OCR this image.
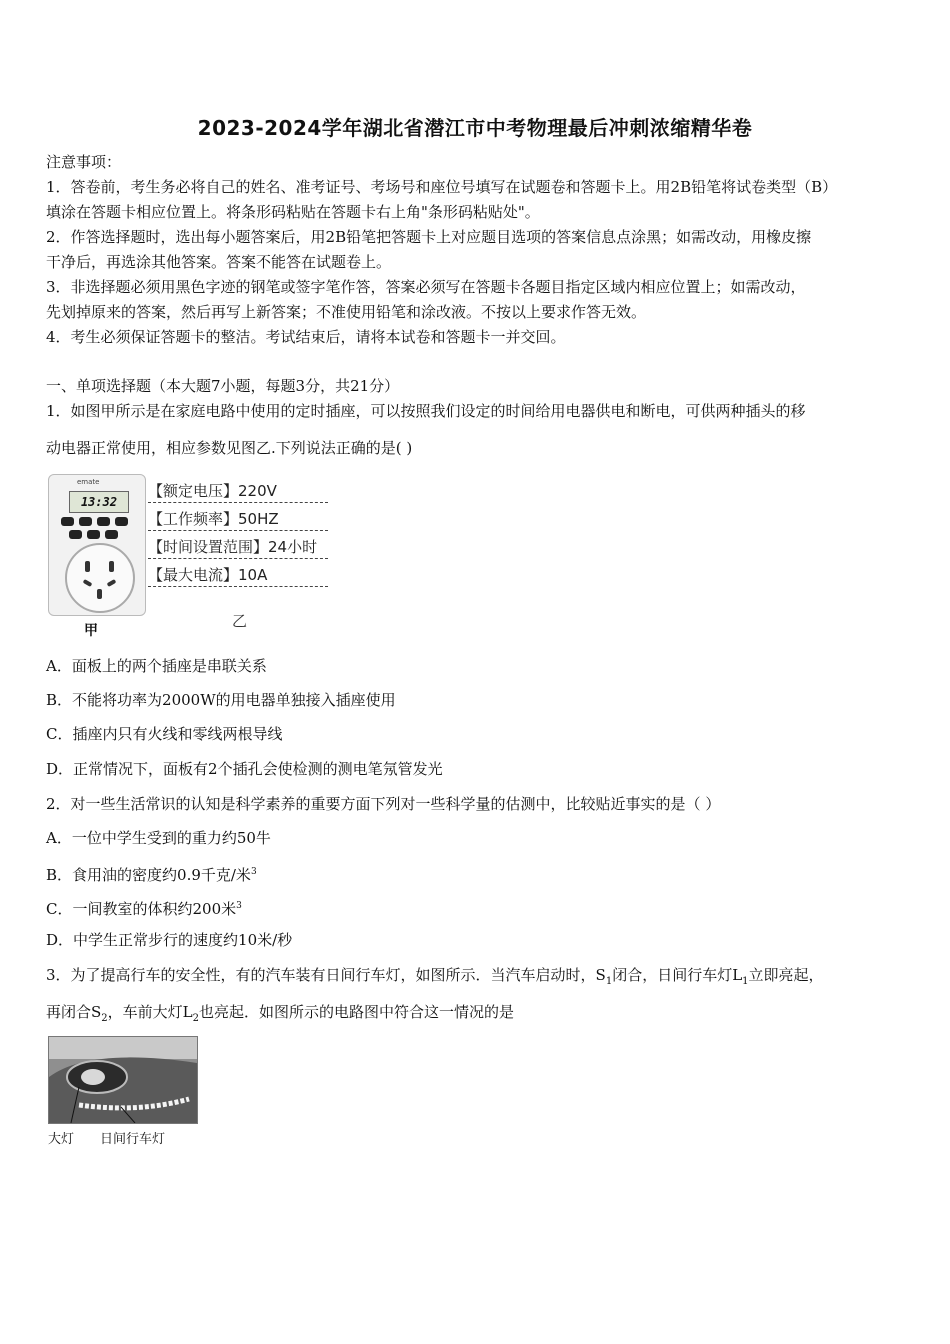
2023-2024学年湖北省潜江市中考物理最后冲刺浓缩精华卷
注意事项：
1．答卷前，考生务必将自己的姓名、准考证号、考场号和座位号填写在试题卷和答题卡上。用2B铅笔将试卷类型（B）
填涂在答题卡相应位置上。将条形码粘贴在答题卡右上角"条形码粘贴处"。
2．作答选择题时，选出每小题答案后，用2B铅笔把答题卡上对应题目选项的答案信息点涂黑；如需改动，用橡皮擦
干净后，再选涂其他答案。答案不能答在试题卷上。
3．非选择题必须用黑色字迹的钢笔或签字笔作答，答案必须写在答题卡各题目指定区域内相应位置上；如需改动，
先划掉原来的答案，然后再写上新答案；不准使用铅笔和涂改液。不按以上要求作答无效。
4．考生必须保证答题卡的整洁。考试结束后，请将本试卷和答题卡一并交回。
一、单项选择题（本大题7小题，每题3分，共21分）
1．如图甲所示是在家庭电路中使用的定时插座，可以按照我们设定的时间给用电器供电和断电，可供两种插头的移
动电器正常使用，相应参数见图乙.下列说法正确的是( )
emate
13:32
甲
【额定电压】220V
【工作频率】50HZ
【时间设置范围】24小时
【最大电流】10A
乙
A．面板上的两个插座是串联关系
B．不能将功率为2000W的用电器单独接入插座使用
C．插座内只有火线和零线两根导线
D．正常情况下，面板有2个插孔会使检测的测电笔氖管发光
2．对一些生活常识的认知是科学素养的重要方面下列对一些科学量的估测中，比较贴近事实的是（ ）
A．一位中学生受到的重力约50牛
B．食用油的密度约0.9千克/米$^3$
C．一间教室的体积约200米$^3$
D．中学生正常步行的速度约10米/秒
3．为了提高行车的安全性，有的汽车装有日间行车灯，如图所示．当汽车启动时，$S_1$闭合，日间行车灯$L_1$立即亮起，
再闭合$S_2$，车前大灯$L_2$也亮起．如图所示的电路图中符合这一情况的是
大灯 日间行车灯
